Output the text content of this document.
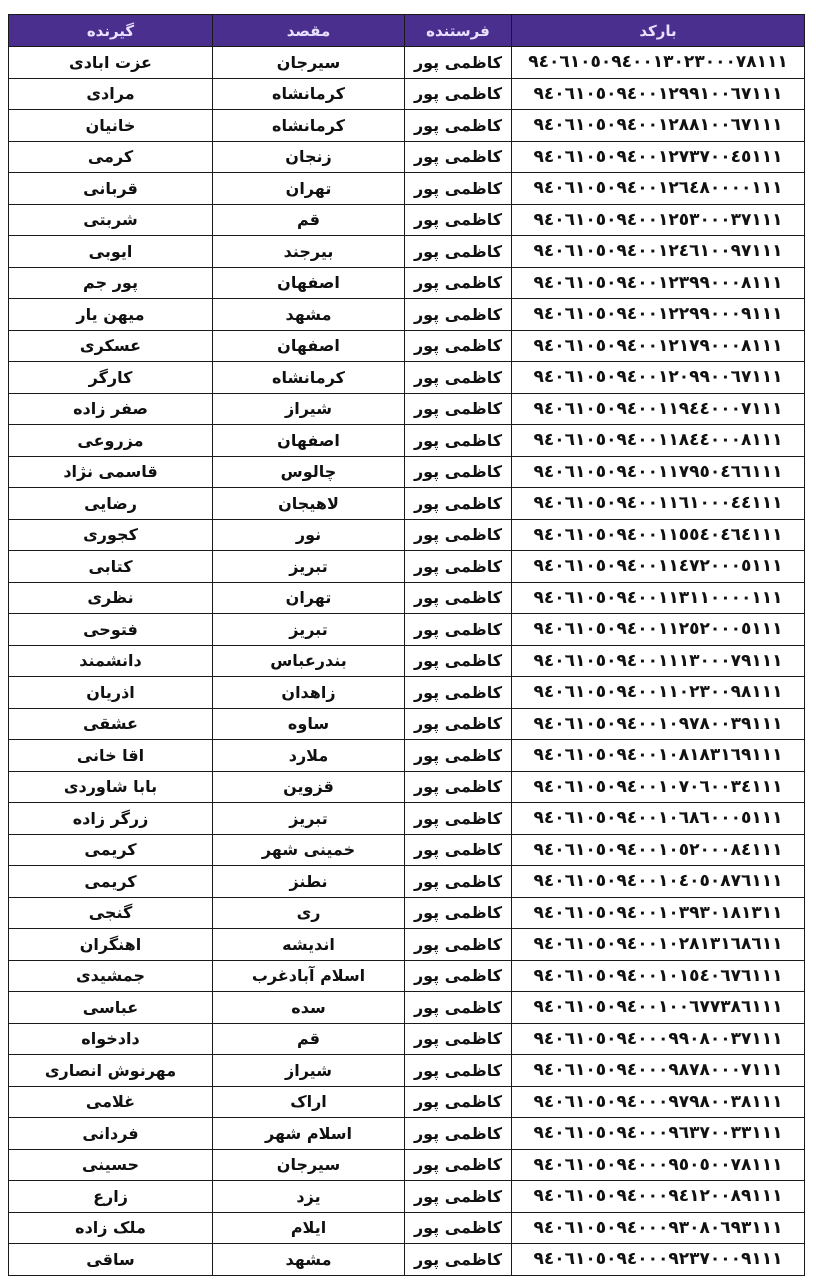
بارکد	فرستنده	مقصد	گیرنده
۹٤٠٦١٠٥٠٩٤٠٠١٣٠٢٣٠٠٠٧٨١١١	کاظمی پور	سیرجان	عزت ابادی
۹٤٠٦١٠٥٠٩٤٠٠١٢٩٩١٠٠٦٧١١١	کاظمی پور	کرمانشاه	مرادی
۹٤٠٦١٠٥٠٩٤٠٠١٢٨٨١٠٠٦٧١١١	کاظمی پور	کرمانشاه	خانیان
۹٤٠٦١٠٥٠٩٤٠٠١٢٧٣٧٠٠٤٥١١١	کاظمی پور	زنجان	کرمی
۹٤٠٦١٠٥٠٩٤٠٠١٢٦٤٨٠٠٠٠١١١	کاظمی پور	تهران	قربانی
۹٤٠٦١٠٥٠٩٤٠٠١٢٥٣٠٠٠٣٧١١١	کاظمی پور	قم	شربتی
۹٤٠٦١٠٥٠٩٤٠٠١٢٤٦١٠٠٩٧١١١	کاظمی پور	بیرجند	ایوبی
۹٤٠٦١٠٥٠٩٤٠٠١٢٣٩٩٠٠٠٨١١١	کاظمی پور	اصفهان	پور جم
۹٤٠٦١٠٥٠٩٤٠٠١٢٢٩٩٠٠٠٩١١١	کاظمی پور	مشهد	میهن یار
۹٤٠٦١٠٥٠٩٤٠٠١٢١٧٩٠٠٠٨١١١	کاظمی پور	اصفهان	عسکری
۹٤٠٦١٠٥٠٩٤٠٠١٢٠٩٩٠٠٦٧١١١	کاظمی پور	کرمانشاه	کارگر
۹٤٠٦١٠٥٠٩٤٠٠١١٩٤٤٠٠٠٧١١١	کاظمی پور	شیراز	صفر زاده
۹٤٠٦١٠٥٠٩٤٠٠١١٨٤٤٠٠٠٨١١١	کاظمی پور	اصفهان	مزروعی
۹٤٠٦١٠٥٠٩٤٠٠١١٧٩٥٠٤٦٦١١١	کاظمی پور	چالوس	قاسمی نژاد
۹٤٠٦١٠٥٠٩٤٠٠١١٦١٠٠٠٤٤١١١	کاظمی پور	لاهیجان	رضایی
۹٤٠٦١٠٥٠٩٤٠٠١١٥٥٤٠٤٦٤١١١	کاظمی پور	نور	کجوری
۹٤٠٦١٠٥٠٩٤٠٠١١٤٧٢٠٠٠٥١١١	کاظمی پور	تبریز	کتابی
۹٤٠٦١٠٥٠٩٤٠٠١١٣١١٠٠٠٠١١١	کاظمی پور	تهران	نظری
۹٤٠٦١٠٥٠٩٤٠٠١١٢٥٢٠٠٠٥١١١	کاظمی پور	تبریز	فتوحی
۹٤٠٦١٠٥٠٩٤٠٠١١١٣٠٠٠٧٩١١١	کاظمی پور	بندرعباس	دانشمند
۹٤٠٦١٠٥٠٩٤٠٠١١٠٢٣٠٠٩٨١١١	کاظمی پور	زاهدان	اذریان
۹٤٠٦١٠٥٠٩٤٠٠١٠٩٧٨٠٠٣٩١١١	کاظمی پور	ساوه	عشقی
۹٤٠٦١٠٥٠٩٤٠٠١٠٨١٨٣١٦٩١١١	کاظمی پور	ملارد	اقا خانی
۹٤٠٦١٠٥٠٩٤٠٠١٠٧٠٦٠٠٣٤١١١	کاظمی پور	قزوین	بابا شاوردی
۹٤٠٦١٠٥٠٩٤٠٠١٠٦٨٦٠٠٠٥١١١	کاظمی پور	تبریز	زرگر زاده
۹٤٠٦١٠٥٠٩٤٠٠١٠٥٢٠٠٠٨٤١١١	کاظمی پور	خمینی شهر	کریمی
۹٤٠٦١٠٥٠٩٤٠٠١٠٤٠٥٠٨٧٦١١١	کاظمی پور	نطنز	کریمی
۹٤٠٦١٠٥٠٩٤٠٠١٠٣٩٣٠١٨١٣١١	کاظمی پور	ری	گنجی
۹٤٠٦١٠٥٠٩٤٠٠١٠٢٨١٣١٦٨٦١١	کاظمی پور	اندیشه	اهنگران
۹٤٠٦١٠٥٠٩٤٠٠١٠١٥٤٠٦٧٦١١١	کاظمی پور	اسلام آبادغرب	جمشیدی
۹٤٠٦١٠٥٠٩٤٠٠١٠٠٦٧٧٣٨٦١١١	کاظمی پور	سده	عباسی
۹٤٠٦١٠٥٠٩٤٠٠٠٩٩٠٨٠٠٣٧١١١	کاظمی پور	قم	دادخواه
۹٤٠٦١٠٥٠٩٤٠٠٠٩٨٧٨٠٠٠٧١١١	کاظمی پور	شیراز	مهرنوش انصاری
۹٤٠٦١٠٥٠٩٤٠٠٠٩٧٩٨٠٠٣٨١١١	کاظمی پور	اراک	غلامی
۹٤٠٦١٠٥٠٩٤٠٠٠٩٦٣٧٠٠٣٣١١١	کاظمی پور	اسلام شهر	فردانی
۹٤٠٦١٠٥٠٩٤٠٠٠٩٥٠٥٠٠٧٨١١١	کاظمی پور	سیرجان	حسینی
۹٤٠٦١٠٥٠٩٤٠٠٠٩٤١٢٠٠٨٩١١١	کاظمی پور	یزد	زارع
۹٤٠٦١٠٥٠٩٤٠٠٠٩٣٠٨٠٦٩٣١١١	کاظمی پور	ایلام	ملک زاده
۹٤٠٦١٠٥٠٩٤٠٠٠٩٢٣٧٠٠٠٩١١١	کاظمی پور	مشهد	ساقی
